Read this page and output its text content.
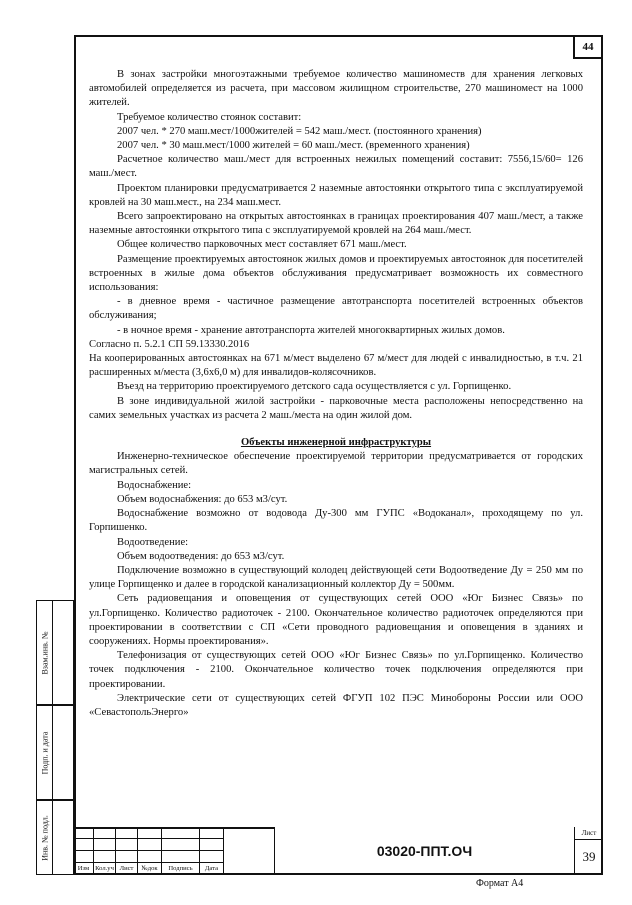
44

В зонах застройки многоэтажными требуемое количество машиноместв для хранения легковых автомобилей определяется из расчета, при массовом жилищном строительстве, 270 машиномест на 1000 жителей.

Требуемое количество стоянок составит:

2007 чел. * 270 маш.мест/1000жителей = 542 маш./мест. (постоянного хранения)

2007 чел. * 30 маш.мест/1000 жителей = 60 маш./мест. (временного хранения)

Расчетное количество маш./мест для встроенных нежилых помещений составит: 7556,15/60= 126 маш./мест.

Проектом планировки предусматривается 2 наземные автостоянки открытого типа с эксплуатируемой кровлей на 30 маш.мест., на 234 маш.мест.

Всего запроектировано на открытых автостоянках в границах проектирования 407 маш./мест, а также наземные автостоянки открытого типа с эксплуатируемой кровлей на 264 маш./мест.

Общее количество парковочных мест составляет 671 маш./мест.

Размещение проектируемых автостоянок жилых домов и проектируемых автостоянок для посетителей встроенных в жилые дома объектов обслуживания предусматривает возможность их совместного использования:

- в дневное время - частичное размещение автотранспорта посетителей встроенных объектов обслуживания;

- в ночное время - хранение автотранспорта жителей многоквартирных жилых домов.

Согласно п. 5.2.1 СП 59.13330.2016

На кооперированных автостоянках на 671 м/мест выделено 67 м/мест для людей с инвалидностью, в т.ч. 21 расширенных м/места (3,6х6,0 м) для инвалидов-колясочников.

Въезд на территорию проектируемого детского сада осуществляется с ул. Горпищенко.

В зоне индивидуальной жилой застройки - парковочные места расположены непосредственно на самих земельных участках из расчета 2 маш./места на один жилой дом.

Объекты инженерной инфраструктуры

Инженерно-техническое обеспечение проектируемой территории предусматривается от городских магистральных сетей.

Водоснабжение:

Объем водоснабжения: до 653 м3/сут.

Водоснабжение возможно от водовода Ду-300 мм ГУПС «Водоканал», проходящему по ул. Горпишенко.

Водоотведение:

Объем водоотведения: до 653 м3/сут.

Подключение возможно в существующий колодец действующей сети Водоотведение Ду = 250 мм по улице Горпищенко и далее в городской канализационный коллектор Ду = 500мм.

Сеть радиовещания и оповещения от существующих сетей ООО «Юг Бизнес Связь» по ул.Горпищенко. Количество радиоточек - 2100. Окончательное количество радиоточек определяются при проектировании в соответствии с СП «Сети проводного радиовещания и оповещения в зданиях и сооружениях. Нормы проектирования».

Телефонизация от существующих сетей ООО «Юг Бизнес Связь» по ул.Горпищенко. Количество точек подключения - 2100. Окончательное количество точек подключения определяются при проектировании.

Электрические сети от существующих сетей ФГУП 102 ПЭС Минобороны России или ООО «СевастопольЭнерго»

Взам.инв. №
Подп. и дата
Инв. № подл.
Изм Кол.уч Лист	№док	Подпись	Дата
03020-ППТ.ОЧ
Лист
39
Формат А4
